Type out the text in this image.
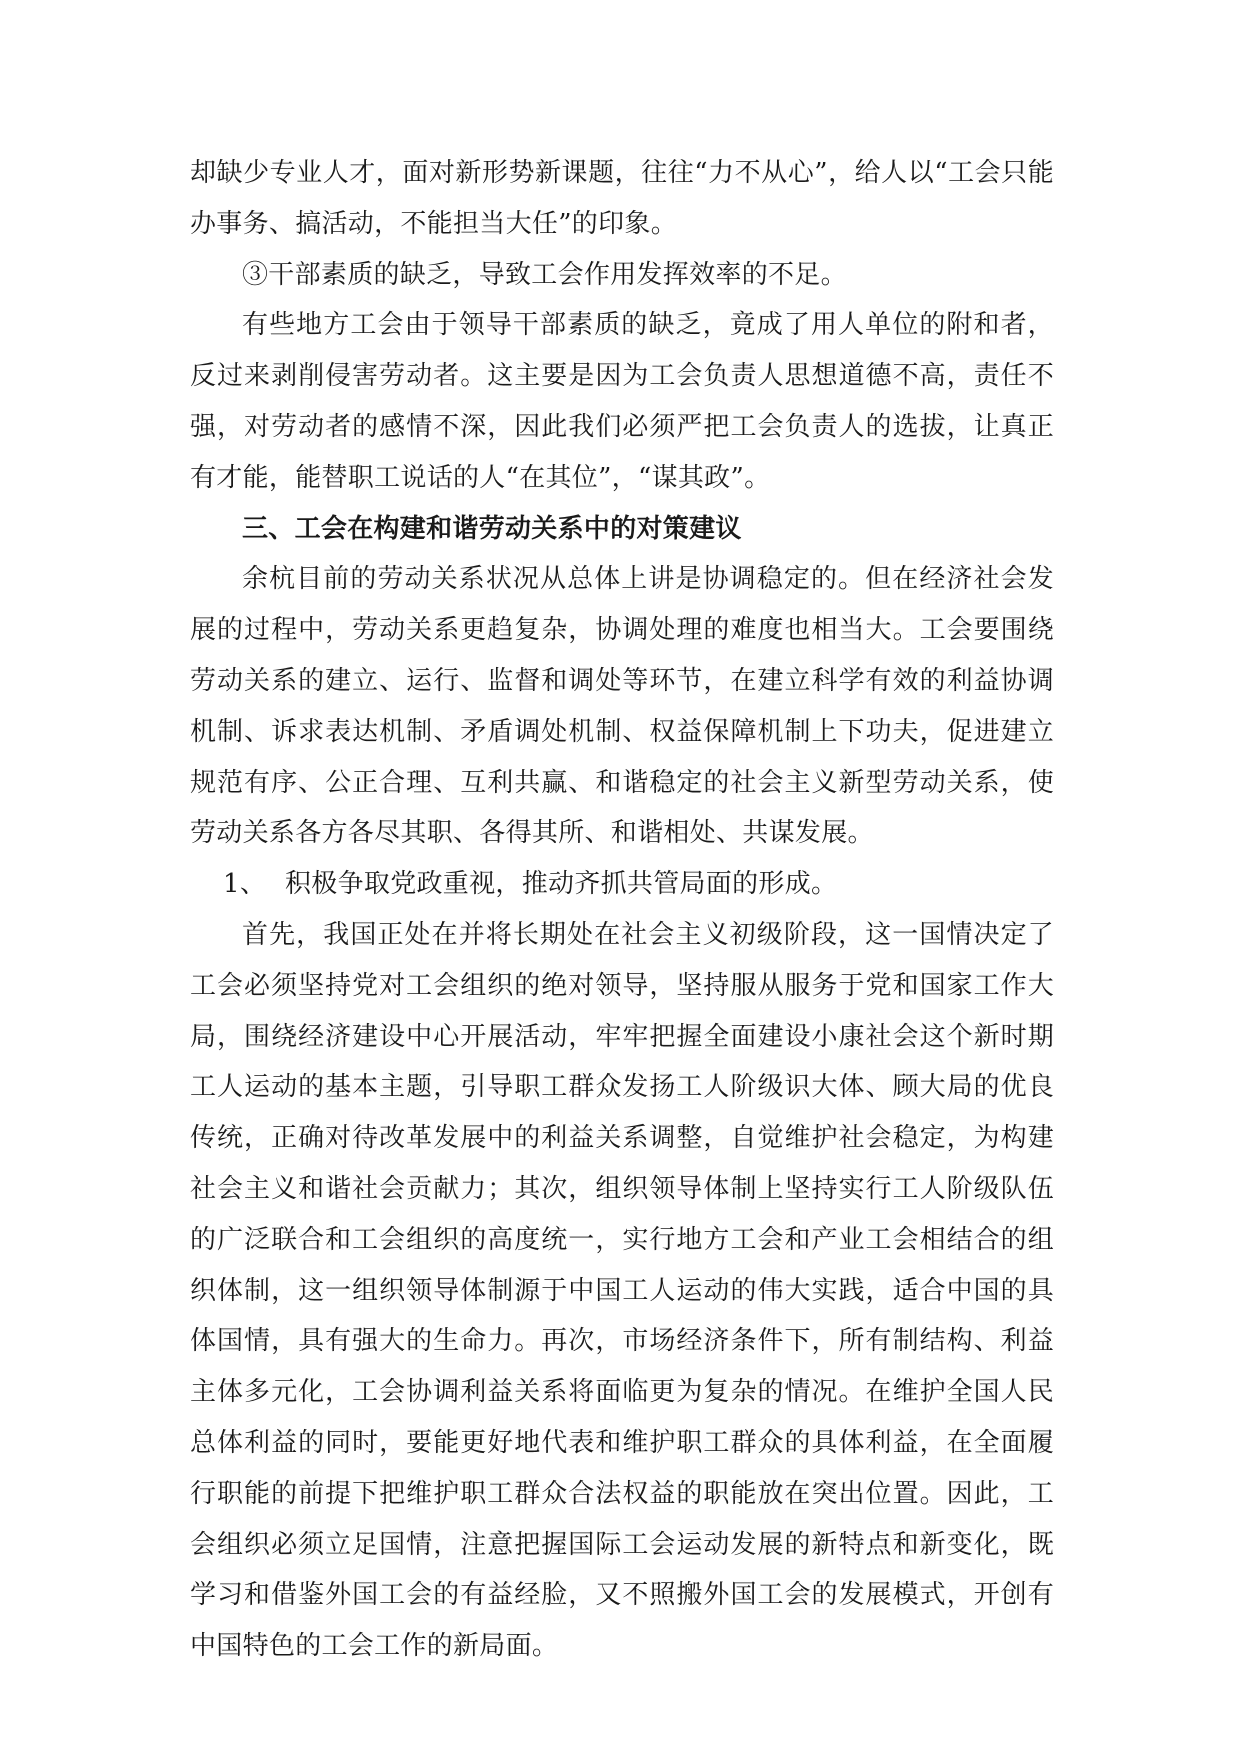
却缺少专业人才，面对新形势新课题，往往“力不从心”，给人以“工会只能办事务、搞活动，不能担当大任”的印象。

③干部素质的缺乏，导致工会作用发挥效率的不足。

有些地方工会由于领导干部素质的缺乏，竟成了用人单位的附和者，反过来剥削侵害劳动者。这主要是因为工会负责人思想道德不高，责任不强，对劳动者的感情不深，因此我们必须严把工会负责人的选拔，让真正有才能，能替职工说话的人“在其位”，“谋其政”。

三、工会在构建和谐劳动关系中的对策建议

余杭目前的劳动关系状况从总体上讲是协调稳定的。但在经济社会发展的过程中，劳动关系更趋复杂，协调处理的难度也相当大。工会要围绕劳动关系的建立、运行、监督和调处等环节，在建立科学有效的利益协调机制、诉求表达机制、矛盾调处机制、权益保障机制上下功夫，促进建立规范有序、公正合理、互利共赢、和谐稳定的社会主义新型劳动关系，使劳动关系各方各尽其职、各得其所、和谐相处、共谋发展。

1、 积极争取党政重视，推动齐抓共管局面的形成。

首先，我国正处在并将长期处在社会主义初级阶段，这一国情决定了工会必须坚持党对工会组织的绝对领导，坚持服从服务于党和国家工作大局，围绕经济建设中心开展活动，牢牢把握全面建设小康社会这个新时期工人运动的基本主题，引导职工群众发扬工人阶级识大体、顾大局的优良传统，正确对待改革发展中的利益关系调整，自觉维护社会稳定，为构建社会主义和谐社会贡献力；其次，组织领导体制上坚持实行工人阶级队伍的广泛联合和工会组织的高度统一，实行地方工会和产业工会相结合的组织体制，这一组织领导体制源于中国工人运动的伟大实践，适合中国的具体国情，具有强大的生命力。再次，市场经济条件下，所有制结构、利益主体多元化，工会协调利益关系将面临更为复杂的情况。在维护全国人民总体利益的同时，要能更好地代表和维护职工群众的具体利益，在全面履行职能的前提下把维护职工群众合法权益的职能放在突出位置。因此，工会组织必须立足国情，注意把握国际工会运动发展的新特点和新变化，既学习和借鉴外国工会的有益经脸，又不照搬外国工会的发展模式，开创有中国特色的工会工作的新局面。
